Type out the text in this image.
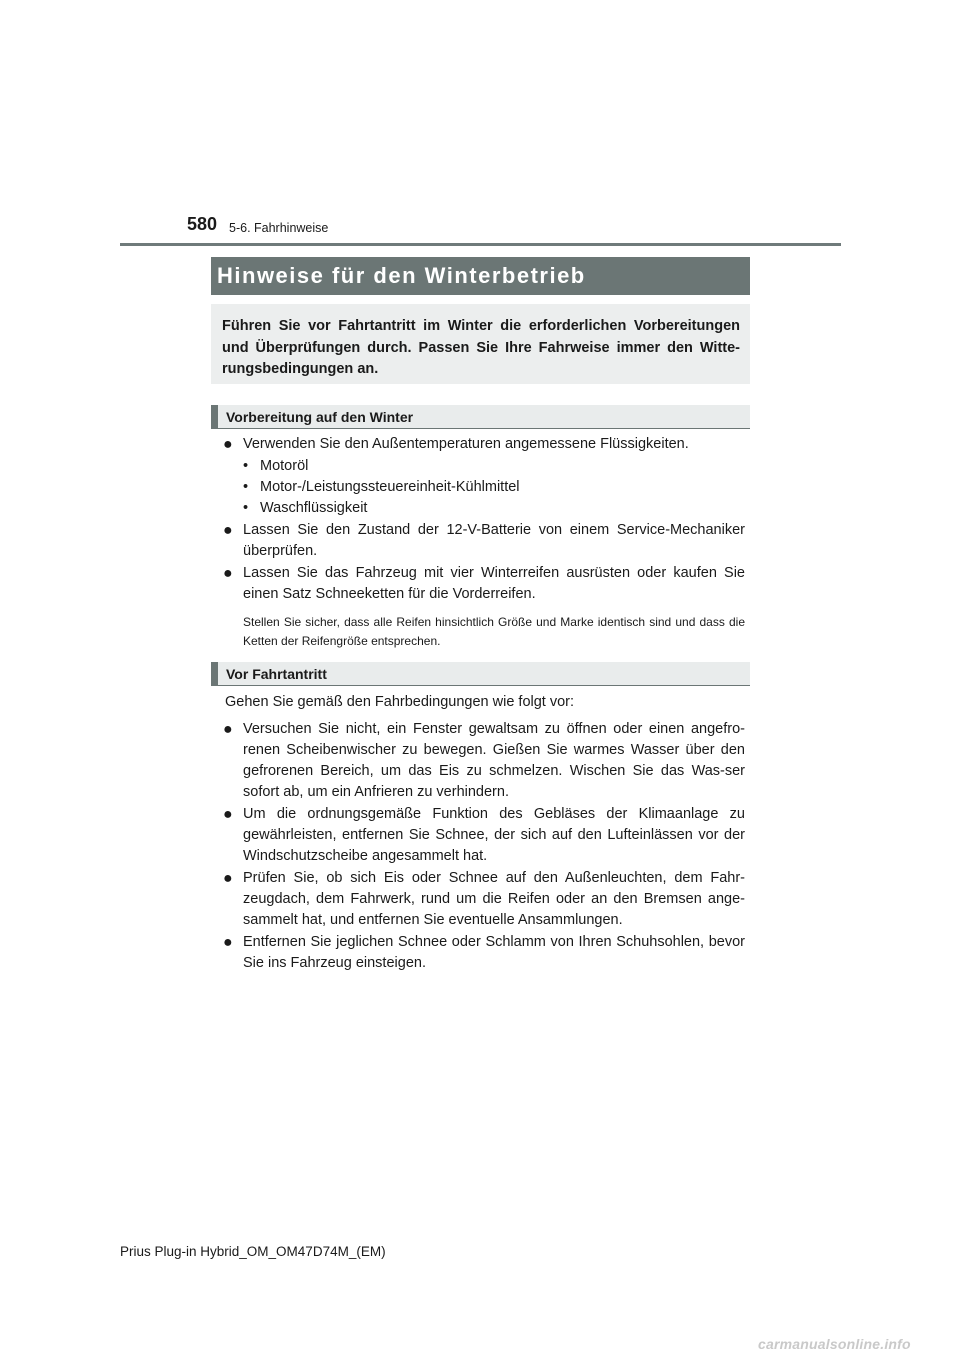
580 5-6. Fahrhinweise
Hinweise für den Winterbetrieb
Führen Sie vor Fahrtantritt im Winter die erforderlichen Vorbereitungen und Überprüfungen durch. Passen Sie Ihre Fahrweise immer den Witte-rungsbedingungen an.
Vorbereitung auf den Winter
● Verwenden Sie den Außentemperaturen angemessene Flüssigkeiten.
• Motoröl
• Motor-/Leistungssteuereinheit-Kühlmittel
• Waschflüssigkeit
● Lassen Sie den Zustand der 12-V-Batterie von einem Service-Mechaniker überprüfen.
● Lassen Sie das Fahrzeug mit vier Winterreifen ausrüsten oder kaufen Sie einen Satz Schneeketten für die Vorderreifen.
Stellen Sie sicher, dass alle Reifen hinsichtlich Größe und Marke identisch sind und dass die Ketten der Reifengröße entsprechen.
Vor Fahrtantritt
Gehen Sie gemäß den Fahrbedingungen wie folgt vor:
● Versuchen Sie nicht, ein Fenster gewaltsam zu öffnen oder einen angefro-renen Scheibenwischer zu bewegen. Gießen Sie warmes Wasser über den gefrorenen Bereich, um das Eis zu schmelzen. Wischen Sie das Was-ser sofort ab, um ein Anfrieren zu verhindern.
● Um die ordnungsgemäße Funktion des Gebläses der Klimaanlage zu gewährleisten, entfernen Sie Schnee, der sich auf den Lufteinlässen vor der Windschutzscheibe angesammelt hat.
● Prüfen Sie, ob sich Eis oder Schnee auf den Außenleuchten, dem Fahr-zeugdach, dem Fahrwerk, rund um die Reifen oder an den Bremsen ange-sammelt hat, und entfernen Sie eventuelle Ansammlungen.
● Entfernen Sie jeglichen Schnee oder Schlamm von Ihren Schuhsohlen, bevor Sie ins Fahrzeug einsteigen.
Prius Plug-in Hybrid_OM_OM47D74M_(EM)
carmanualsonline.info
